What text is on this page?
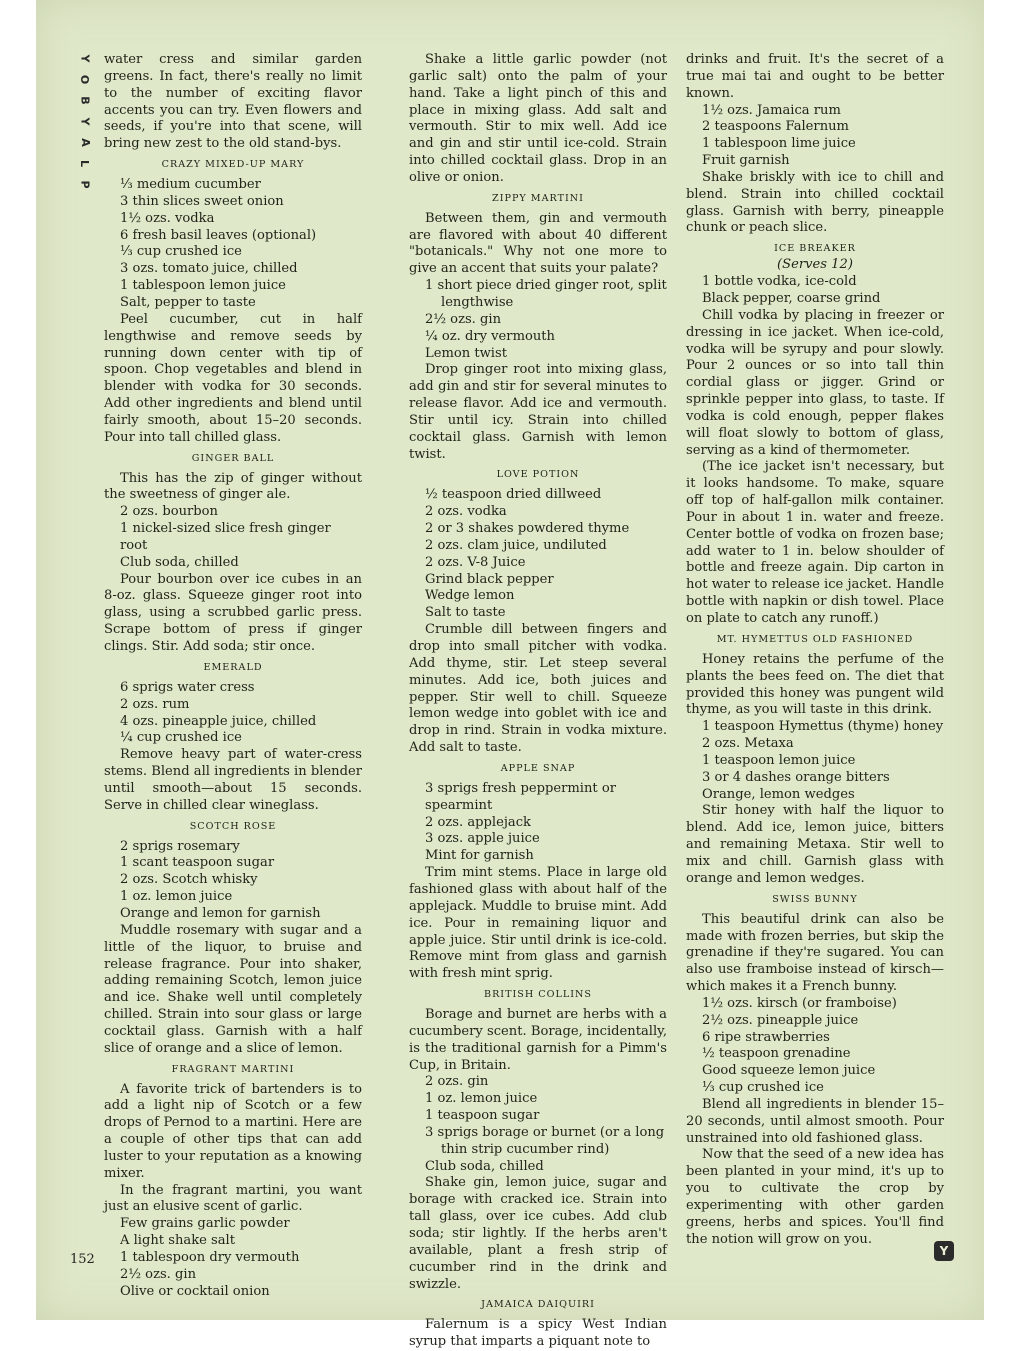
Y
O
B
Y
A
L
P

water cress and similar garden greens. In fact, there's really no limit to the number of exciting flavor accents you can try. Even flowers and seeds, if you're into that scene, will bring new zest to the old stand-bys.

CRAZY MIXED-UP MARY
⅓ medium cucumber
3 thin slices sweet onion
1½ ozs. vodka
6 fresh basil leaves (optional)
⅓ cup crushed ice
3 ozs. tomato juice, chilled
1 tablespoon lemon juice
Salt, pepper to taste

Peel cucumber, cut in half lengthwise and remove seeds by running down center with tip of spoon. Chop vegetables and blend in blender with vodka for 30 seconds. Add other ingredients and blend until fairly smooth, about 15–20 seconds. Pour into tall chilled glass.

GINGER BALL

This has the zip of ginger without the sweetness of ginger ale.

2 ozs. bourbon
1 nickel-sized slice fresh ginger root
Club soda, chilled

Pour bourbon over ice cubes in an 8-oz. glass. Squeeze ginger root into glass, using a scrubbed garlic press. Scrape bottom of press if ginger clings. Stir. Add soda; stir once.

EMERALD
6 sprigs water cress
2 ozs. rum
4 ozs. pineapple juice, chilled
¼ cup crushed ice

Remove heavy part of water-cress stems. Blend all ingredients in blender until smooth—about 15 seconds. Serve in chilled clear wineglass.

SCOTCH ROSE
2 sprigs rosemary
1 scant teaspoon sugar
2 ozs. Scotch whisky
1 oz. lemon juice
Orange and lemon for garnish

Muddle rosemary with sugar and a little of the liquor, to bruise and release fragrance. Pour into shaker, adding remaining Scotch, lemon juice and ice. Shake well until completely chilled. Strain into sour glass or large cocktail glass. Garnish with a half slice of orange and a slice of lemon.

FRAGRANT MARTINI

A favorite trick of bartenders is to add a light nip of Scotch or a few drops of Pernod to a martini. Here are a couple of other tips that can add luster to your reputation as a knowing mixer.

In the fragrant martini, you want just an elusive scent of garlic.

Few grains garlic powder
A light shake salt
1 tablespoon dry vermouth
2½ ozs. gin
Olive or cocktail onion

Shake a little garlic powder (not garlic salt) onto the palm of your hand. Take a light pinch of this and place in mixing glass. Add salt and vermouth. Stir to mix well. Add ice and gin and stir until ice-cold. Strain into chilled cocktail glass. Drop in an olive or onion.

ZIPPY MARTINI

Between them, gin and vermouth are flavored with about 40 different "botanicals." Why not one more to give an accent that suits your palate?

1 short piece dried ginger root, split lengthwise
2½ ozs. gin
¼ oz. dry vermouth
Lemon twist

Drop ginger root into mixing glass, add gin and stir for several minutes to release flavor. Add ice and vermouth. Stir until icy. Strain into chilled cocktail glass. Garnish with lemon twist.

LOVE POTION
½ teaspoon dried dillweed
2 ozs. vodka
2 or 3 shakes powdered thyme
2 ozs. clam juice, undiluted
2 ozs. V-8 Juice
Grind black pepper
Wedge lemon
Salt to taste

Crumble dill between fingers and drop into small pitcher with vodka. Add thyme, stir. Let steep several minutes. Add ice, both juices and pepper. Stir well to chill. Squeeze lemon wedge into goblet with ice and drop in rind. Strain in vodka mixture. Add salt to taste.

APPLE SNAP
3 sprigs fresh peppermint or spearmint
2 ozs. applejack
3 ozs. apple juice
Mint for garnish

Trim mint stems. Place in large old fashioned glass with about half of the applejack. Muddle to bruise mint. Add ice. Pour in remaining liquor and apple juice. Stir until drink is ice-cold. Remove mint from glass and garnish with fresh mint sprig.

BRITISH COLLINS

Borage and burnet are herbs with a cucumbery scent. Borage, incidentally, is the traditional garnish for a Pimm's Cup, in Britain.

2 ozs. gin
1 oz. lemon juice
1 teaspoon sugar
3 sprigs borage or burnet (or a long thin strip cucumber rind)
Club soda, chilled

Shake gin, lemon juice, sugar and borage with cracked ice. Strain into tall glass, over ice cubes. Add club soda; stir lightly. If the herbs aren't available, plant a fresh strip of cucumber rind in the drink and swizzle.

JAMAICA DAIQUIRI

Falernum is a spicy West Indian syrup that imparts a piquant note to

drinks and fruit. It's the secret of a true mai tai and ought to be better known.

1½ ozs. Jamaica rum
2 teaspoons Falernum
1 tablespoon lime juice
Fruit garnish

Shake briskly with ice to chill and blend. Strain into chilled cocktail glass. Garnish with berry, pineapple chunk or peach slice.

ICE BREAKER
(Serves 12)
1 bottle vodka, ice-cold
Black pepper, coarse grind

Chill vodka by placing in freezer or dressing in ice jacket. When ice-cold, vodka will be syrupy and pour slowly. Pour 2 ounces or so into tall thin cordial glass or jigger. Grind or sprinkle pepper into glass, to taste. If vodka is cold enough, pepper flakes will float slowly to bottom of glass, serving as a kind of thermometer.

(The ice jacket isn't necessary, but it looks handsome. To make, square off top of half-gallon milk container. Pour in about 1 in. water and freeze. Center bottle of vodka on frozen base; add water to 1 in. below shoulder of bottle and freeze again. Dip carton in hot water to release ice jacket. Handle bottle with napkin or dish towel. Place on plate to catch any runoff.)

MT. HYMETTUS OLD FASHIONED

Honey retains the perfume of the plants the bees feed on. The diet that provided this honey was pungent wild thyme, as you will taste in this drink.

1 teaspoon Hymettus (thyme) honey
2 ozs. Metaxa
1 teaspoon lemon juice
3 or 4 dashes orange bitters
Orange, lemon wedges

Stir honey with half the liquor to blend. Add ice, lemon juice, bitters and remaining Metaxa. Stir well to mix and chill. Garnish glass with orange and lemon wedges.

SWISS BUNNY

This beautiful drink can also be made with frozen berries, but skip the grenadine if they're sugared. You can also use framboise instead of kirsch—which makes it a French bunny.

1½ ozs. kirsch (or framboise)
2½ ozs. pineapple juice
6 ripe strawberries
½ teaspoon grenadine
Good squeeze lemon juice
⅓ cup crushed ice

Blend all ingredients in blender 15–20 seconds, until almost smooth. Pour unstrained into old fashioned glass.

Now that the seed of a new idea has been planted in your mind, it's up to you to cultivate the crop by experimenting with other garden greens, herbs and spices. You'll find the notion will grow on you.

152
Y
